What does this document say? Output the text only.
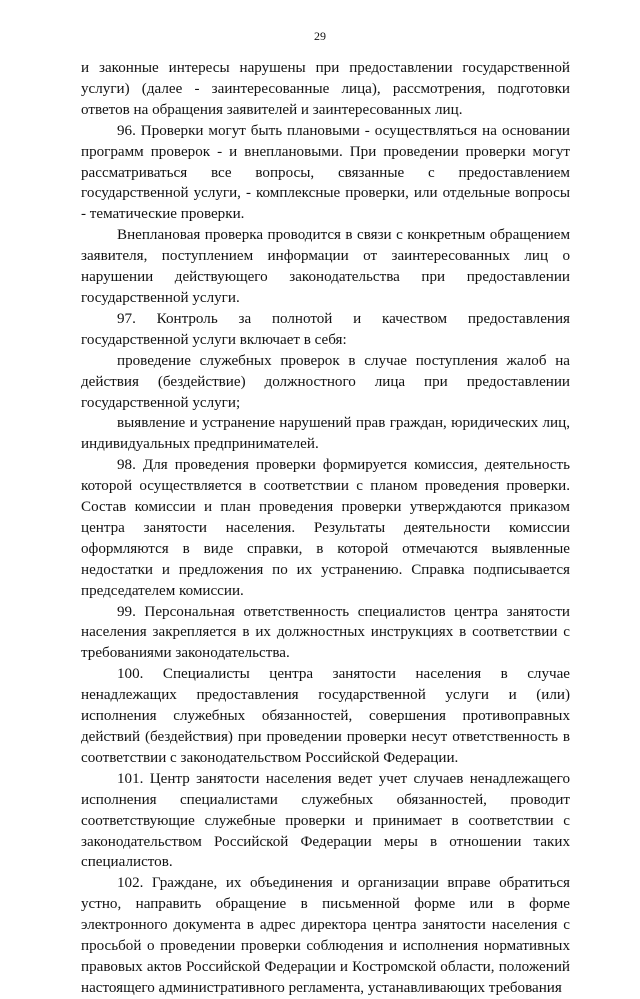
29

и законные интересы нарушены при предоставлении государственной услуги) (далее - заинтересованные лица), рассмотрения, подготовки ответов на обращения заявителей и заинтересованных лиц.

96. Проверки могут быть плановыми - осуществляться на основании программ проверок - и внеплановыми. При проведении проверки могут рассматриваться все вопросы, связанные с предоставлением государственной услуги, - комплексные проверки, или отдельные вопросы - тематические проверки.

Внеплановая проверка проводится в связи с конкретным обращением заявителя, поступлением информации от заинтересованных лиц о нарушении действующего законодательства при предоставлении государственной услуги.

97. Контроль за полнотой и качеством предоставления государственной услуги включает в себя:

проведение служебных проверок в случае поступления жалоб на действия (бездействие) должностного лица при предоставлении государственной услуги;

выявление и устранение нарушений прав граждан, юридических лиц, индивидуальных предпринимателей.

98. Для проведения проверки формируется комиссия, деятельность которой осуществляется в соответствии с планом проведения проверки. Состав комиссии и план проведения проверки утверждаются приказом центра занятости населения. Результаты деятельности комиссии оформляются в виде справки, в которой отмечаются выявленные недостатки и предложения по их устранению. Справка подписывается председателем комиссии.

99. Персональная ответственность специалистов центра занятости населения закрепляется в их должностных инструкциях в соответствии с требованиями законодательства.

100. Специалисты центра занятости населения в случае ненадлежащих предоставления государственной услуги и (или) исполнения служебных обязанностей, совершения противоправных действий (бездействия) при проведении проверки несут ответственность в соответствии с законодательством Российской Федерации.

101. Центр занятости населения ведет учет случаев ненадлежащего исполнения специалистами служебных обязанностей, проводит соответствующие служебные проверки и принимает в соответствии с законодательством Российской Федерации меры в отношении таких специалистов.

102. Граждане, их объединения и организации вправе обратиться устно, направить обращение в письменной форме или в форме электронного документа в адрес директора центра занятости населения с просьбой о проведении проверки соблюдения и исполнения нормативных правовых актов Российской Федерации и Костромской области, положений настоящего административного регламента, устанавливающих требования
